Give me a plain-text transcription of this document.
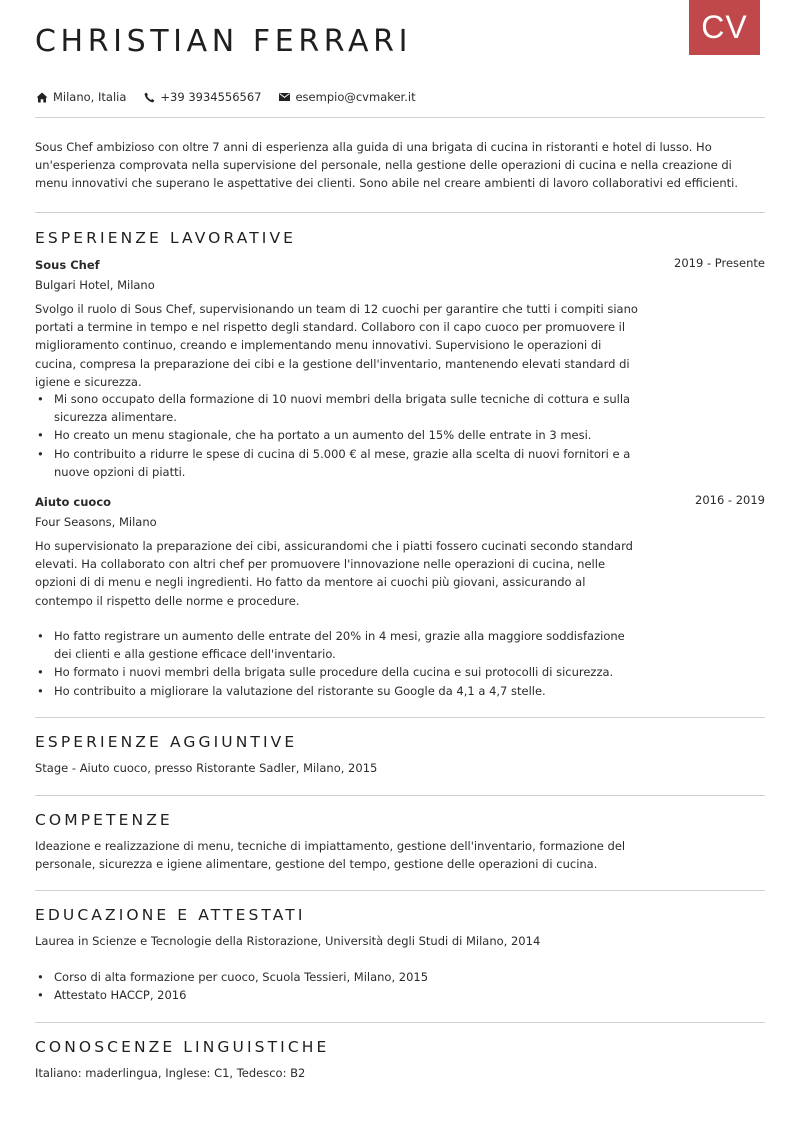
CV
CHRISTIAN FERRARI
Milano, Italia	+39 3934556567	esempio@cvmaker.it
Sous Chef ambizioso con oltre 7 anni di esperienza alla guida di una brigata di cucina in ristoranti e hotel di lusso. Ho un'esperienza comprovata nella supervisione del personale, nella gestione delle operazioni di cucina e nella creazione di menu innovativi che superano le aspettative dei clienti. Sono abile nel creare ambienti di lavoro collaborativi ed efficienti.
ESPERIENZE LAVORATIVE
Sous Chef	2019 - Presente
Bulgari Hotel, Milano
Svolgo il ruolo di Sous Chef, supervisionando un team di 12 cuochi per garantire che tutti i compiti siano portati a termine in tempo e nel rispetto degli standard. Collaboro con il capo cuoco per promuovere il miglioramento continuo, creando e implementando menu innovativi. Supervisiono le operazioni di cucina, compresa la preparazione dei cibi e la gestione dell'inventario, mantenendo elevati standard di igiene e sicurezza.
• Mi sono occupato della formazione di 10 nuovi membri della brigata sulle tecniche di cottura e sulla sicurezza alimentare.
• Ho creato un menu stagionale, che ha portato a un aumento del 15% delle entrate in 3 mesi.
• Ho contribuito a ridurre le spese di cucina di 5.000 € al mese, grazie alla scelta di nuovi fornitori e a nuove opzioni di piatti.
Aiuto cuoco	2016 - 2019
Four Seasons, Milano
Ho supervisionato la preparazione dei cibi, assicurandomi che i piatti fossero cucinati secondo standard elevati. Ha collaborato con altri chef per promuovere l'innovazione nelle operazioni di cucina, nelle opzioni di di menu e negli ingredienti. Ho fatto da mentore ai cuochi più giovani, assicurando al contempo il rispetto delle norme e procedure.
• Ho fatto registrare un aumento delle entrate del 20% in 4 mesi, grazie alla maggiore soddisfazione dei clienti e alla gestione efficace dell'inventario.
• Ho formato i nuovi membri della brigata sulle procedure della cucina e sui protocolli di sicurezza.
• Ho contribuito a migliorare la valutazione del ristorante su Google da 4,1 a 4,7 stelle.
ESPERIENZE AGGIUNTIVE
Stage - Aiuto cuoco, presso Ristorante Sadler, Milano, 2015
COMPETENZE
Ideazione e realizzazione di menu, tecniche di impiattamento, gestione dell'inventario, formazione del personale, sicurezza e igiene alimentare, gestione del tempo, gestione delle operazioni di cucina.
EDUCAZIONE E ATTESTATI
Laurea in Scienze e Tecnologie della Ristorazione, Università degli Studi di Milano, 2014
• Corso di alta formazione per cuoco, Scuola Tessieri, Milano, 2015
• Attestato HACCP, 2016
CONOSCENZE LINGUISTICHE
Italiano: maderlingua, Inglese: C1, Tedesco: B2
